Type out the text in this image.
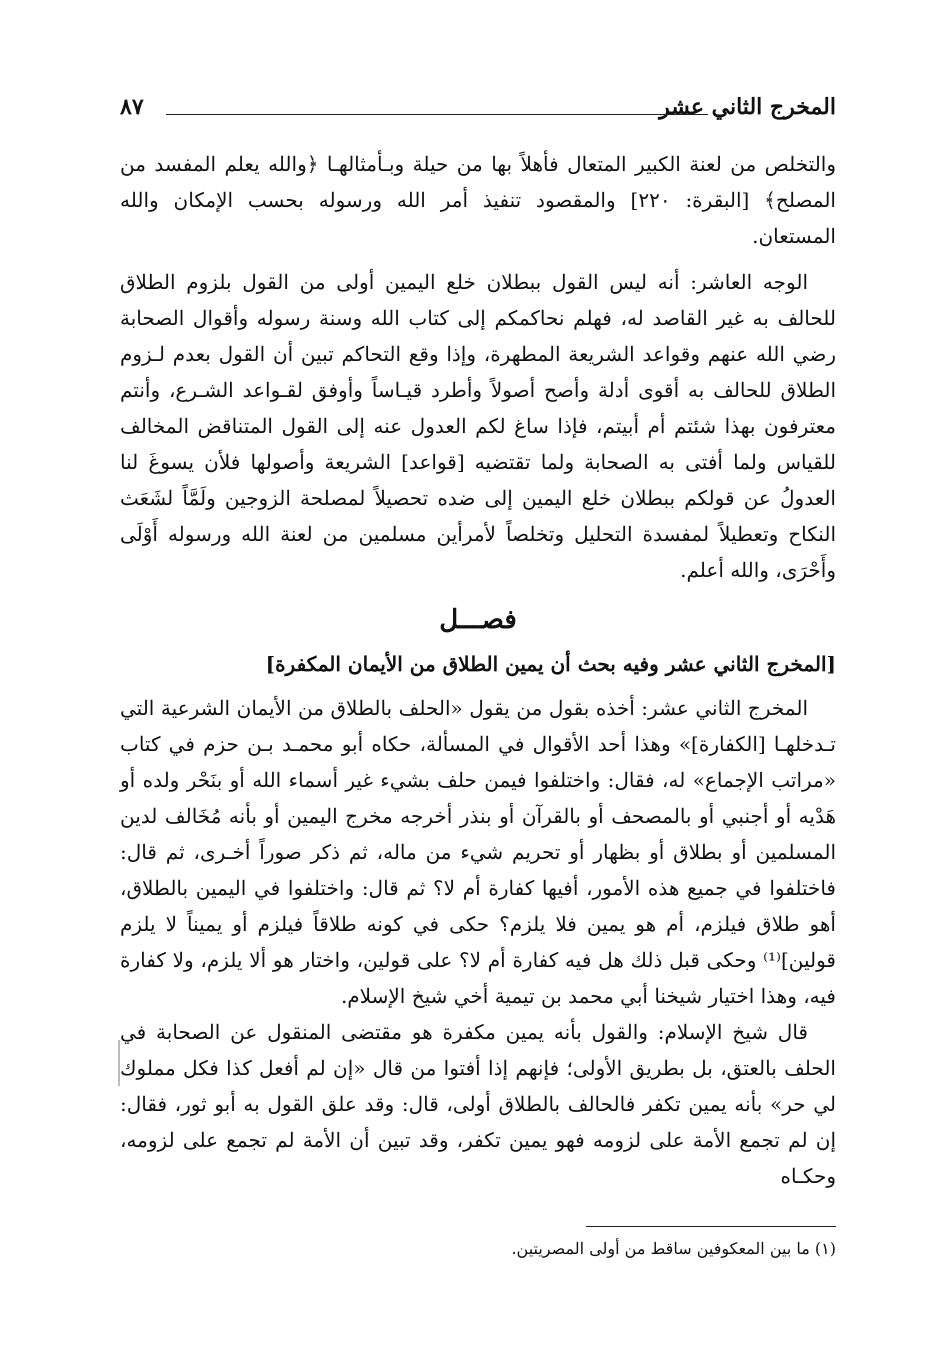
المخرج الثاني عشر
٨٧

والتخلص من لعنة الكبير المتعال فأهلاً بها من حيلة وبـأمثالهـا ﴿والله يعلم المفسد من المصلح﴾ [البقرة: ٢٢٠] والمقصود تنفيذ أمر الله ورسوله بحسب الإمكان والله المستعان.

الوجه العاشر: أنه ليس القول ببطلان خلع اليمين أولى من القول بلزوم الطلاق للحالف به غير القاصد له، فهلم نحاكمكم إلى كتاب الله وسنة رسوله وأقوال الصحابة رضي الله عنهم وقواعد الشريعة المطهرة، وإذا وقع التحاكم تبين أن القول بعدم لـزوم الطلاق للحالف به أقوى أدلة وأصح أصولاً وأطرد قيـاساً وأوفق لقـواعد الشـرع، وأنتم معترفون بهذا شئتم أم أبيتم، فإذا ساغ لكم العدول عنه إلى القول المتناقض المخالف للقياس ولما أفتى به الصحابة ولما تقتضيه [قواعد] الشريعة وأصولها فلأن يسوغَ لنا العدولُ عن قولكم ببطلان خلع اليمين إلى ضده تحصيلاً لمصلحة الزوجين ولَمَّاً لشَعَث النكاح وتعطيلاً لمفسدة التحليل وتخلصاً لأمرأين مسلمين من لعنة الله ورسوله أَوْلَى وأَحْرَى، والله أعلم.

فصـــل

[المخرج الثاني عشر وفيه بحث أن يمين الطلاق من الأيمان المكفرة]

المخرج الثاني عشر: أخذه بقول من يقول «الحلف بالطلاق من الأيمان الشرعية التي تـدخلهـا [الكفارة]» وهذا أحد الأقوال في المسألة، حكاه أبو محمـد بـن حزم في كتاب «مراتب الإجماع» له، فقال: واختلفوا فيمن حلف بشيء غير أسماء الله أو بنَحْر ولده أو هَدْيه أو أجنبي أو بالمصحف أو بالقرآن أو بنذر أخرجه مخرج اليمين أو بأنه مُخَالف لدين المسلمين أو بطلاق أو بظهار أو تحريم شيء من ماله، ثم ذكر صوراً أخـرى، ثم قال: فاختلفوا في جميع هذه الأمور، أفيها كفارة أم لا؟ ثم قال: واختلفوا في اليمين بالطلاق، أهو طلاق فيلزم، أم هو يمين فلا يلزم؟ حكى في كونه طلاقاً فيلزم أو يميناً لا يلزم قولين]⁽¹⁾ وحكى قبل ذلك هل فيه كفارة أم لا؟ على قولين، واختار هو ألا يلزم، ولا كفارة فيه، وهذا اختيار شيخنا أبي محمد بن تيمية أخي شيخ الإسلام.

قال شيخ الإسلام: والقول بأنه يمين مكفرة هو مقتضى المنقول عن الصحابة في الحلف بالعتق، بل بطريق الأولى؛ فإنهم إذا أفتوا من قال «إن لم أفعل كذا فكل مملوك لي حر» بأنه يمين تكفر فالحالف بالطلاق أولى، قال: وقد علق القول به أبو ثور، فقال: إن لم تجمع الأمة على لزومه فهو يمين تكفر، وقد تبين أن الأمة لم تجمع على لزومه، وحكـاه

(١) ما بين المعكوفين ساقط من أولى المصريتين.
